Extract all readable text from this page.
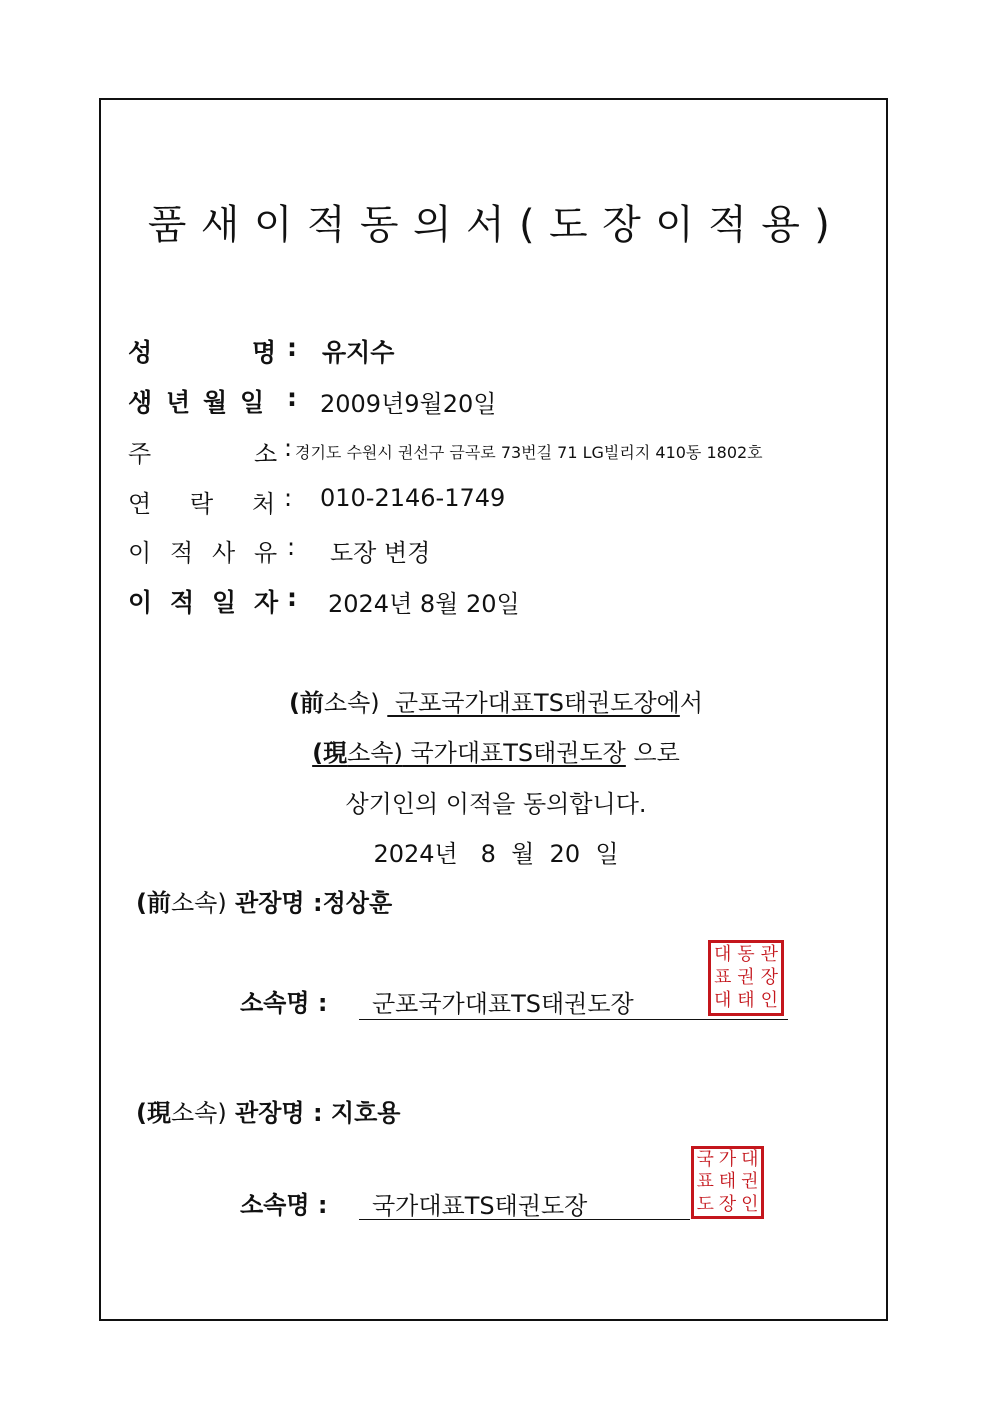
품새이적동의서(도장이적용)
성	명 : 유지수
생 년 월 일 : 2009년9월20일
주	소 : 경기도 수원시 권선구 금곡로 73번길 71 LG빌리지 410동 1802호
연 락 처 : 010-2146-1749
이 적 사 유 : 도장 변경
이 적 일 자 : 2024년 8월 20일
(前소속)  군포국가대표TS태권도장에서
(現소속) 국가대표TS태권도장 으로
상기인의 이적을 동의합니다.
2024년   8  월  20  일
(前소속) 관장명 :정상훈
소속명 : 군포국가대표TS태권도장
대 동 관
표 권 장
대 태 인
(現소속) 관장명 : 지호용
소속명 : 국가대표TS태권도장
국 가 대
표 태 권
도 장 인
